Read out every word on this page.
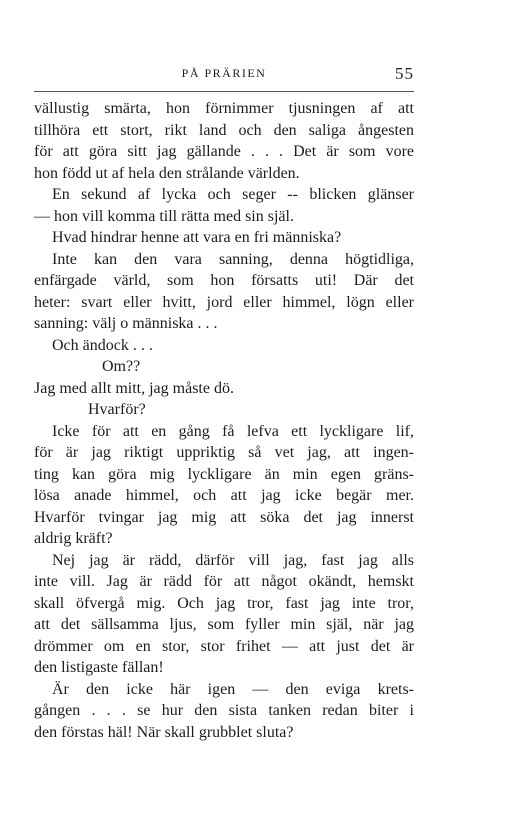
PÅ PRÄRIEN	55
vällustig smärta, hon förnimmer tjusningen af att
tillhöra ett stort, rikt land och den saliga ångesten
för att göra sitt jag gällande . . . Det är som vore
hon född ut af hela den strålande världen.
En sekund af lycka och seger -- blicken glänser
— hon vill komma till rätta med sin själ.
Hvad hindrar henne att vara en fri människa?
Inte kan den vara sanning, denna högtidliga,
enfärgade värld, som hon försatts uti! Där det
heter: svart eller hvitt, jord eller himmel, lögn eller
sanning: välj o människa . . .
Och ändock . . .
Om??
Jag med allt mitt, jag måste dö.
Hvarför?
Icke för att en gång få lefva ett lyckligare lif,
för är jag riktigt uppriktig så vet jag, att ingen-
ting kan göra mig lyckligare än min egen gräns-
lösa anade himmel, och att jag icke begär mer.
Hvarför tvingar jag mig att söka det jag innerst
aldrig kräft?
Nej jag är rädd, därför vill jag, fast jag alls
inte vill. Jag är rädd för att något okändt, hemskt
skall öfvergå mig. Och jag tror, fast jag inte tror,
att det sällsamma ljus, som fyller min själ, när jag
drömmer om en stor, stor frihet — att just det är
den listigaste fällan!
Är den icke här igen — den eviga krets-
gången . . . se hur den sista tanken redan biter i
den förstas häl! När skall grubblet sluta?
